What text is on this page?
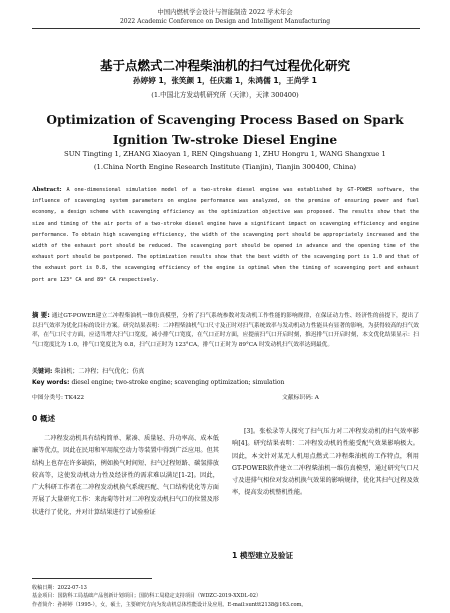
中国内燃机学会设计与智能制造 2022 学术年会
2022 Academic Conference on Design and Intelligent Manufacturing
基于点燃式二冲程柴油机的扫气过程优化研究
孙婷婷 1，张笑颜 1，任庆霜 1，朱鸿儒 1，王尚学 1
(1.中国北方发动机研究所（天津），天津 300400)
Optimization of Scavenging Process Based on Spark
Ignition Tw-stroke Diesel Engine
SUN Tingting 1, ZHANG Xiaoyan 1, REN Qingshuang 1, ZHU Hongru 1, WANG Shangxue 1
(1.China North Engine Research Institute (Tianjin), Tianjin 300400, China)
Abstract: A one-dimensional simulation model of a two-stroke diesel engine was established by GT-POWER software, the influence of scavenging system parameters on engine performance was analyzed, on the premise of ensuring power and fuel economy, a design scheme with scavenging efficiency as the optimization objective was proposed. The results show that the size and timing of the air ports of a two-stroke diesel engine have a significant impact on scavenging efficiency and engine performance. To obtain high scavenging efficiency, the width of the scavenging port should be appropriately increased and the width of the exhaust port should be reduced. The scavenging port should be opened in advance and the opening time of the exhaust port should be postponed. The optimization results show that the best width of the scavenging port is 1.0 and that of the exhaust port is 0.8, the scavenging efficiency of the engine is optimal when the timing of scavenging port and exhaust port are 123° CA and 89° CA respectively.
摘 要: 通过GT-POWER建立二冲程柴油机一维仿真模型，分析了扫气系统参数对发动机工作性能的影响规律，在保证动力性、经济性的前提下，提出了以扫气效率为优化目标的设计方案。研究结果表明：二冲程柴油机气口尺寸及正时对扫气系统效率与发动机动力性能具有显著的影响，为获得较高的扫气效率，在气口尺寸方面，应适当增大扫气口宽度，减小排气口宽度，在气口正时方面，应提前扫气口开启时刻，推迟排气口开启时刻，本文优化结果显示：扫气口宽度比为 1.0，排气口宽度比为 0.8，扫气口正时为 123°CA，排气口正时为 89°CA 时发动机扫气效率达到最优。
关键词: 柴油机；二冲程；扫气优化；仿真
Key words: diesel engine; two-stroke engine; scavenging optimization; simulation
中图分类号: TK422	文献标识码: A
0 概述
二冲程发动机具有结构简单、紧凑、质量轻、升功率高、成本低廉等优点，因此在民用和军用航空动力等装置中得到广泛应用。但其结构上也存在许多缺陷，例如换气时间短、扫气过程短路、碳氢排放较高等，这使发动机动力性及经济性的需求难以满足[1-2]。因此，广大科研工作者在二冲程发动机换气系统匹配、气口结构优化等方面开展了大量研究工作：来海菊等针对二冲程发动机扫气口的位置及形状进行了优化，并对计算结果进行了试验验证
[3]。张松录等人探究了扫气压力对二冲程发动机的扫气效率影响[4]。研究结果表明：二冲程发动机的性能受配气效果影响极大。因此，本文针对某无人机用点燃式二冲程柴油机的工作特点，利用GT-POWER软件建立二冲程柴油机一维仿真模型，通过研究气口尺寸及进排气相位对发动机换气效果的影响规律，优化其扫气过程及效率，提高发动机整机性能。
1 模型建立及验证
收稿日期：2022-07-13
基金项目：国防科工局基础产品创新计划项目；国防科工局稳定支持项目（WDZC-2019-XXDL-02）
作者简介：孙婷婷（1995-），女，硕士，主要研究方向为发动机总体性能设计及应用。E-mail:sunttt2138@163.com。
